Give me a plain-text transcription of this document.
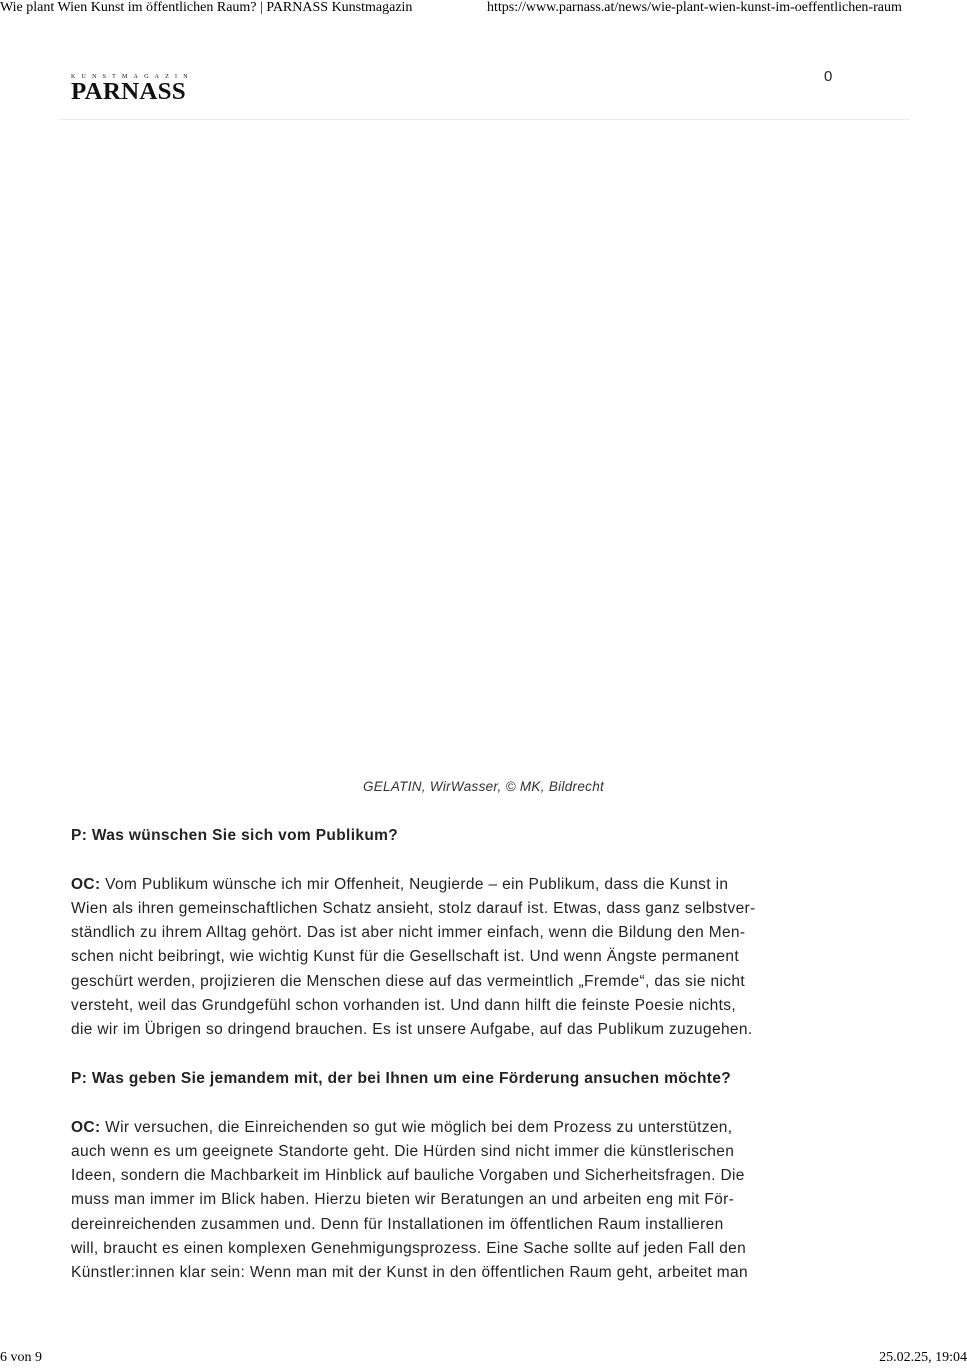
Wie plant Wien Kunst im öffentlichen Raum? | PARNASS Kunstmagazin	https://www.parnass.at/news/wie-plant-wien-kunst-im-oeffentlichen-raum
KUNSTMAGAZIN
PARNASS
0
GELATIN, WirWasser, © MK, Bildrecht

P: Was wünschen Sie sich vom Publikum?

OC: Vom Publikum wünsche ich mir Offenheit, Neugierde – ein Publikum, dass die Kunst in
Wien als ihren gemeinschaftlichen Schatz ansieht, stolz darauf ist. Etwas, dass ganz selbstver-
ständlich zu ihrem Alltag gehört. Das ist aber nicht immer einfach, wenn die Bildung den Men-
schen nicht beibringt, wie wichtig Kunst für die Gesellschaft ist. Und wenn Ängste permanent
geschürt werden, projizieren die Menschen diese auf das vermeintlich „Fremde“, das sie nicht
versteht, weil das Grundgefühl schon vorhanden ist. Und dann hilft die feinste Poesie nichts,
die wir im Übrigen so dringend brauchen. Es ist unsere Aufgabe, auf das Publikum zuzugehen.

P: Was geben Sie jemandem mit, der bei Ihnen um eine Förderung ansuchen möchte?

OC: Wir versuchen, die Einreichenden so gut wie möglich bei dem Prozess zu unterstützen,
auch wenn es um geeignete Standorte geht. Die Hürden sind nicht immer die künstlerischen
Ideen, sondern die Machbarkeit im Hinblick auf bauliche Vorgaben und Sicherheitsfragen. Die
muss man immer im Blick haben. Hierzu bieten wir Beratungen an und arbeiten eng mit För-
dereinreichenden zusammen und. Denn für Installationen im öffentlichen Raum installieren
will, braucht es einen komplexen Genehmigungsprozess. Eine Sache sollte auf jeden Fall den
Künstler:innen klar sein: Wenn man mit der Kunst in den öffentlichen Raum geht, arbeitet man

6 von 9	25.02.25, 19:04
